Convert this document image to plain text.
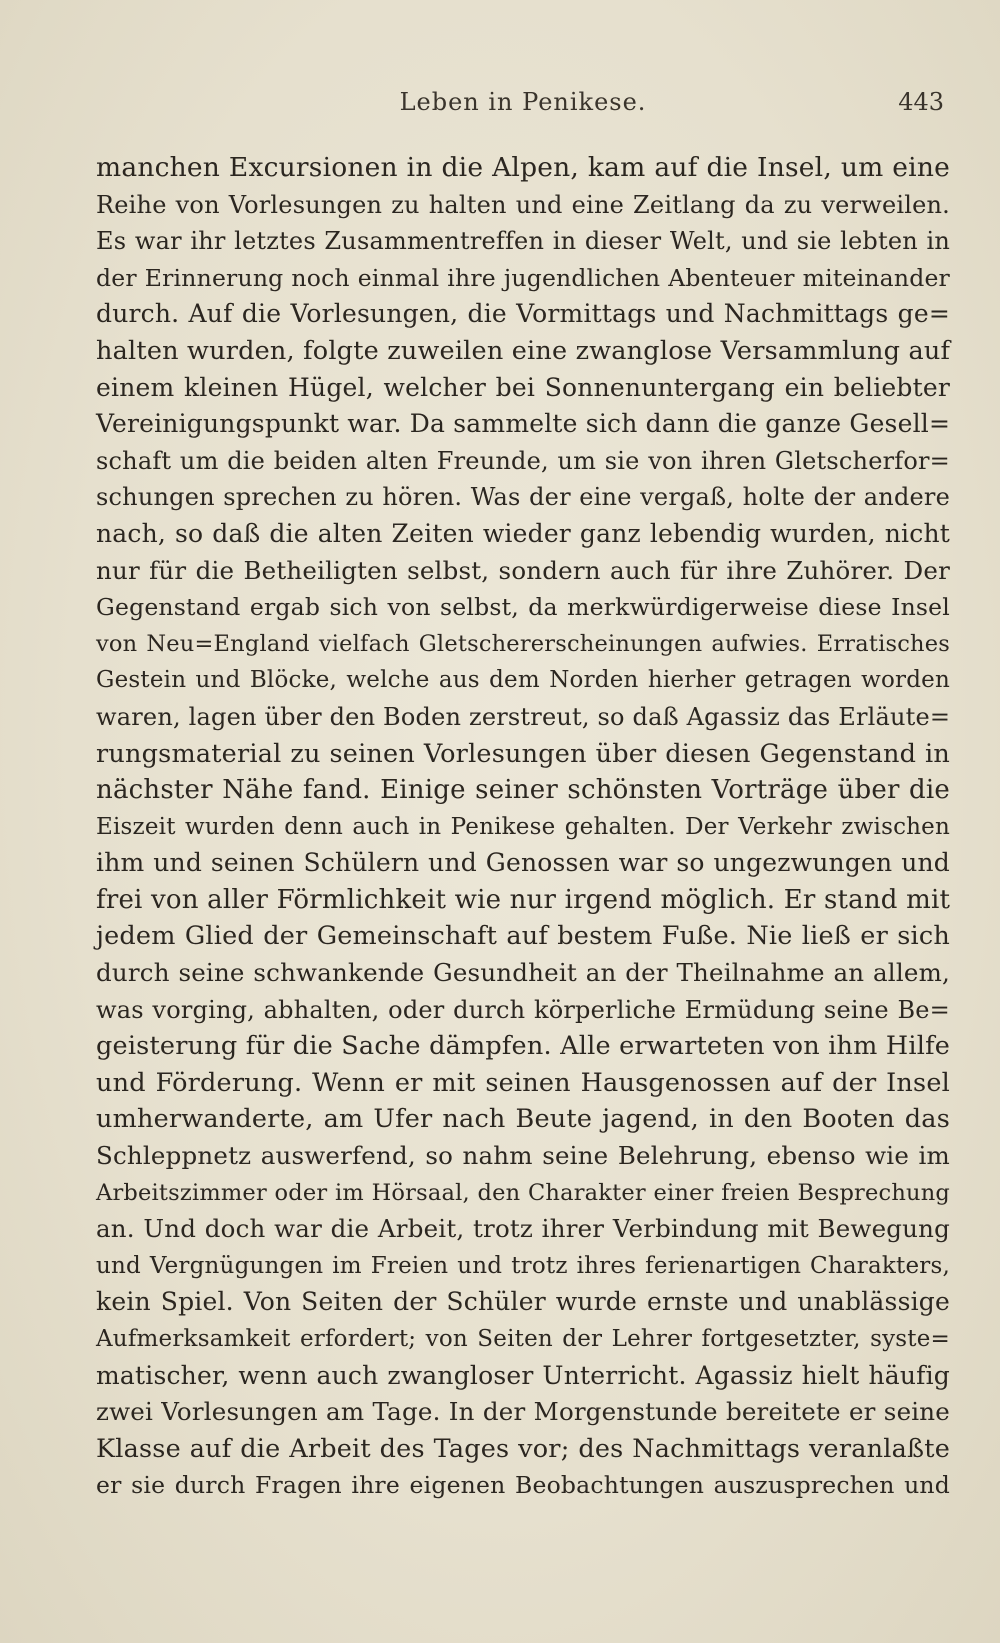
Leben in Penikese.	443
manchen Excursionen in die Alpen, kam auf die Insel, um eine
Reihe von Vorlesungen zu halten und eine Zeitlang da zu verweilen.
Es war ihr letztes Zusammentreffen in dieser Welt, und sie lebten in
der Erinnerung noch einmal ihre jugendlichen Abenteuer miteinander
durch. Auf die Vorlesungen, die Vormittags und Nachmittags ge=
halten wurden, folgte zuweilen eine zwanglose Versammlung auf
einem kleinen Hügel, welcher bei Sonnenuntergang ein beliebter
Vereinigungspunkt war. Da sammelte sich dann die ganze Gesell=
schaft um die beiden alten Freunde, um sie von ihren Gletscherfor=
schungen sprechen zu hören. Was der eine vergaß, holte der andere
nach, so daß die alten Zeiten wieder ganz lebendig wurden, nicht
nur für die Betheiligten selbst, sondern auch für ihre Zuhörer. Der
Gegenstand ergab sich von selbst, da merkwürdigerweise diese Insel
von Neu=England vielfach Gletschererscheinungen aufwies. Erratisches
Gestein und Blöcke, welche aus dem Norden hierher getragen worden
waren, lagen über den Boden zerstreut, so daß Agassiz das Erläute=
rungsmaterial zu seinen Vorlesungen über diesen Gegenstand in
nächster Nähe fand. Einige seiner schönsten Vorträge über die
Eiszeit wurden denn auch in Penikese gehalten. Der Verkehr zwischen
ihm und seinen Schülern und Genossen war so ungezwungen und
frei von aller Förmlichkeit wie nur irgend möglich. Er stand mit
jedem Glied der Gemeinschaft auf bestem Fuße. Nie ließ er sich
durch seine schwankende Gesundheit an der Theilnahme an allem,
was vorging, abhalten, oder durch körperliche Ermüdung seine Be=
geisterung für die Sache dämpfen. Alle erwarteten von ihm Hilfe
und Förderung. Wenn er mit seinen Hausgenossen auf der Insel
umherwanderte, am Ufer nach Beute jagend, in den Booten das
Schleppnetz auswerfend, so nahm seine Belehrung, ebenso wie im
Arbeitszimmer oder im Hörsaal, den Charakter einer freien Besprechung
an. Und doch war die Arbeit, trotz ihrer Verbindung mit Bewegung
und Vergnügungen im Freien und trotz ihres ferienartigen Charakters,
kein Spiel. Von Seiten der Schüler wurde ernste und unablässige
Aufmerksamkeit erfordert; von Seiten der Lehrer fortgesetzter, syste=
matischer, wenn auch zwangloser Unterricht. Agassiz hielt häufig
zwei Vorlesungen am Tage. In der Morgenstunde bereitete er seine
Klasse auf die Arbeit des Tages vor; des Nachmittags veranlaßte
er sie durch Fragen ihre eigenen Beobachtungen auszusprechen und
